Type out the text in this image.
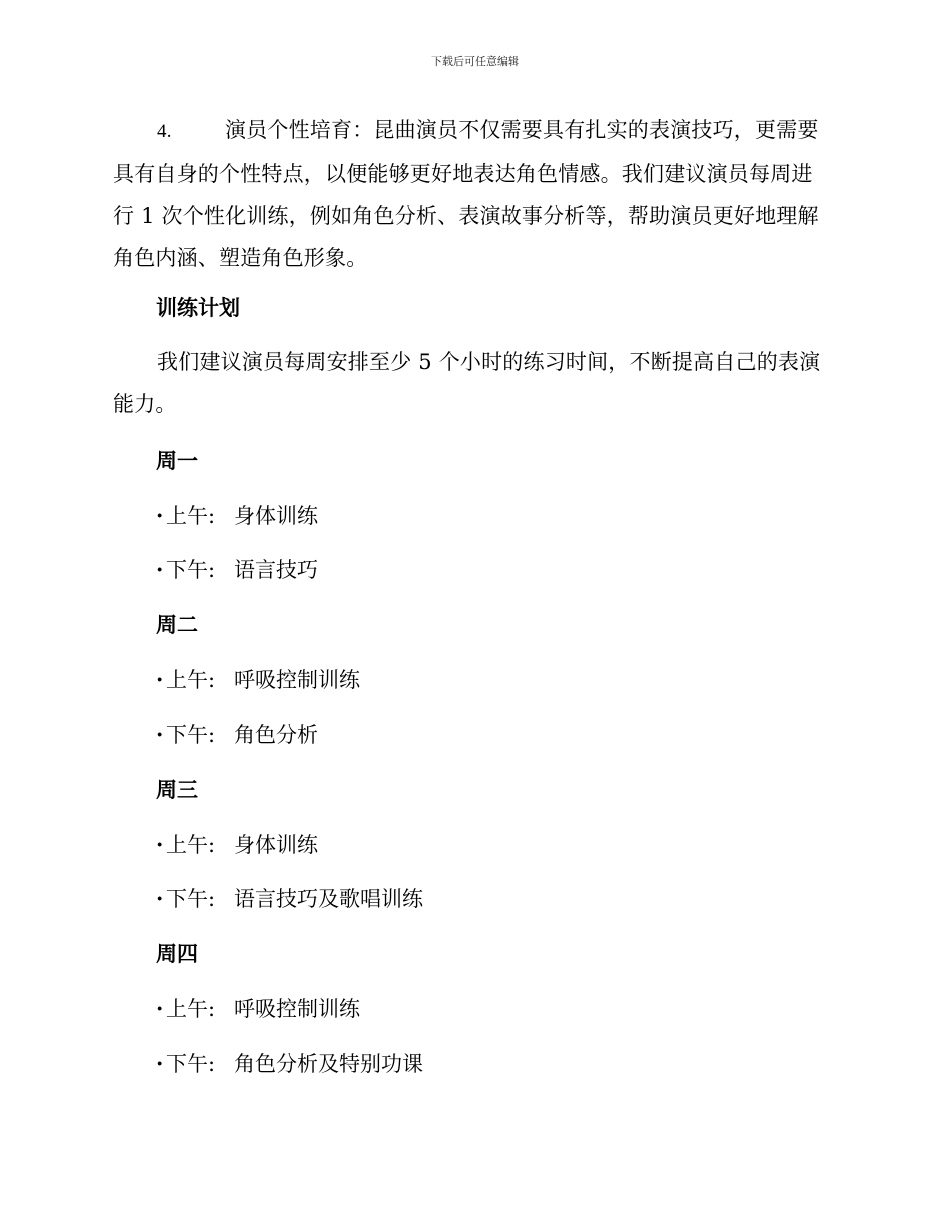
下载后可任意编辑

4.	演员个性培育：昆曲演员不仅需要具有扎实的表演技巧，更需要具有自身的个性特点，以便能够更好地表达角色情感。我们建议演员每周进行 1 次个性化训练，例如角色分析、表演故事分析等，帮助演员更好地理解角色内涵、塑造角色形象。

训练计划

我们建议演员每周安排至少 5 个小时的练习时间，不断提高自己的表演能力。

周一
· 上午: 身体训练
· 下午: 语言技巧
周二
· 上午: 呼吸控制训练
· 下午: 角色分析
周三
· 上午: 身体训练
· 下午: 语言技巧及歌唱训练
周四
· 上午: 呼吸控制训练
· 下午: 角色分析及特别功课
